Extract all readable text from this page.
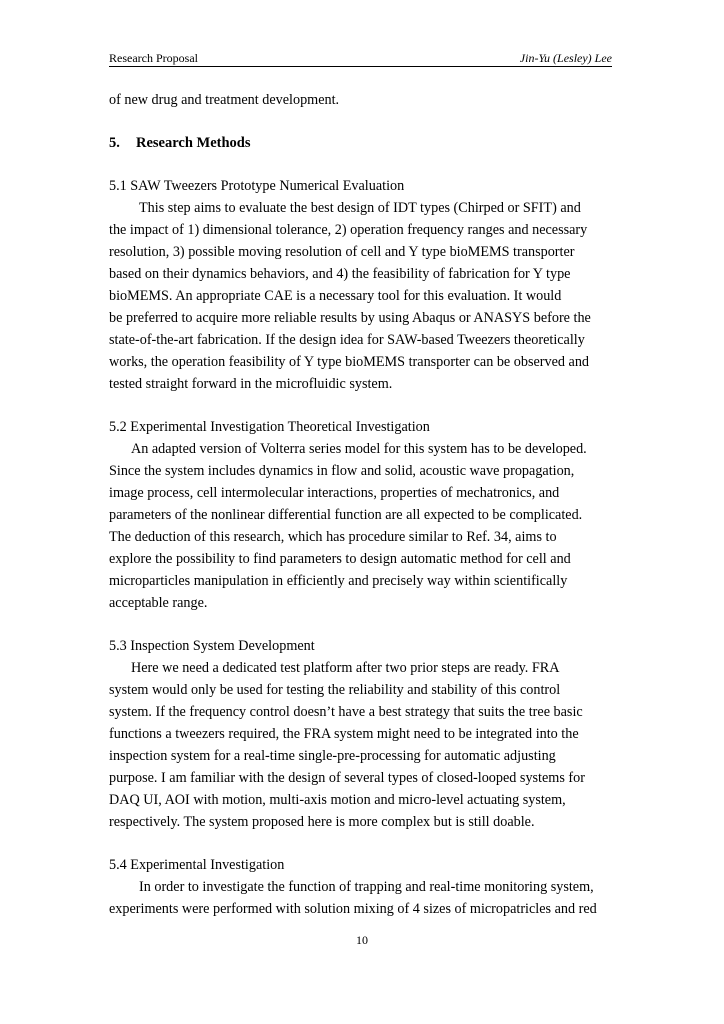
Research Proposal	Jin-Yu (Lesley) Lee

of new drug and treatment development.

5. Research Methods
5.1 SAW Tweezers Prototype Numerical Evaluation

This step aims to evaluate the best design of IDT types (Chirped or SFIT) and
the impact of 1) dimensional tolerance, 2) operation frequency ranges and necessary
resolution, 3) possible moving resolution of cell and Y type bioMEMS transporter
based on their dynamics behaviors, and 4) the feasibility of fabrication for Y type
bioMEMS. An appropriate CAE is a necessary tool for this evaluation. It would
be preferred to acquire more reliable results by using Abaqus or ANASYS before the
state-of-the-art fabrication. If the design idea for SAW-based Tweezers theoretically
works, the operation feasibility of Y type bioMEMS transporter can be observed and
tested straight forward in the microfluidic system.

5.2 Experimental Investigation Theoretical Investigation

An adapted version of Volterra series model for this system has to be developed.
Since the system includes dynamics in flow and solid, acoustic wave propagation,
image process, cell intermolecular interactions, properties of mechatronics, and
parameters of the nonlinear differential function are all expected to be complicated.
The deduction of this research, which has procedure similar to Ref. 34, aims to
explore the possibility to find parameters to design automatic method for cell and
microparticles manipulation in efficiently and precisely way within scientifically
acceptable range.

5.3 Inspection System Development

Here we need a dedicated test platform after two prior steps are ready. FRA
system would only be used for testing the reliability and stability of this control
system. If the frequency control doesn’t have a best strategy that suits the tree basic
functions a tweezers required, the FRA system might need to be integrated into the
inspection system for a real-time single-pre-processing for automatic adjusting
purpose. I am familiar with the design of several types of closed-looped systems for
DAQ UI, AOI with motion, multi-axis motion and micro-level actuating system,
respectively. The system proposed here is more complex but is still doable.

5.4 Experimental Investigation

In order to investigate the function of trapping and real-time monitoring system,
experiments were performed with solution mixing of 4 sizes of micropatricles and red

10
